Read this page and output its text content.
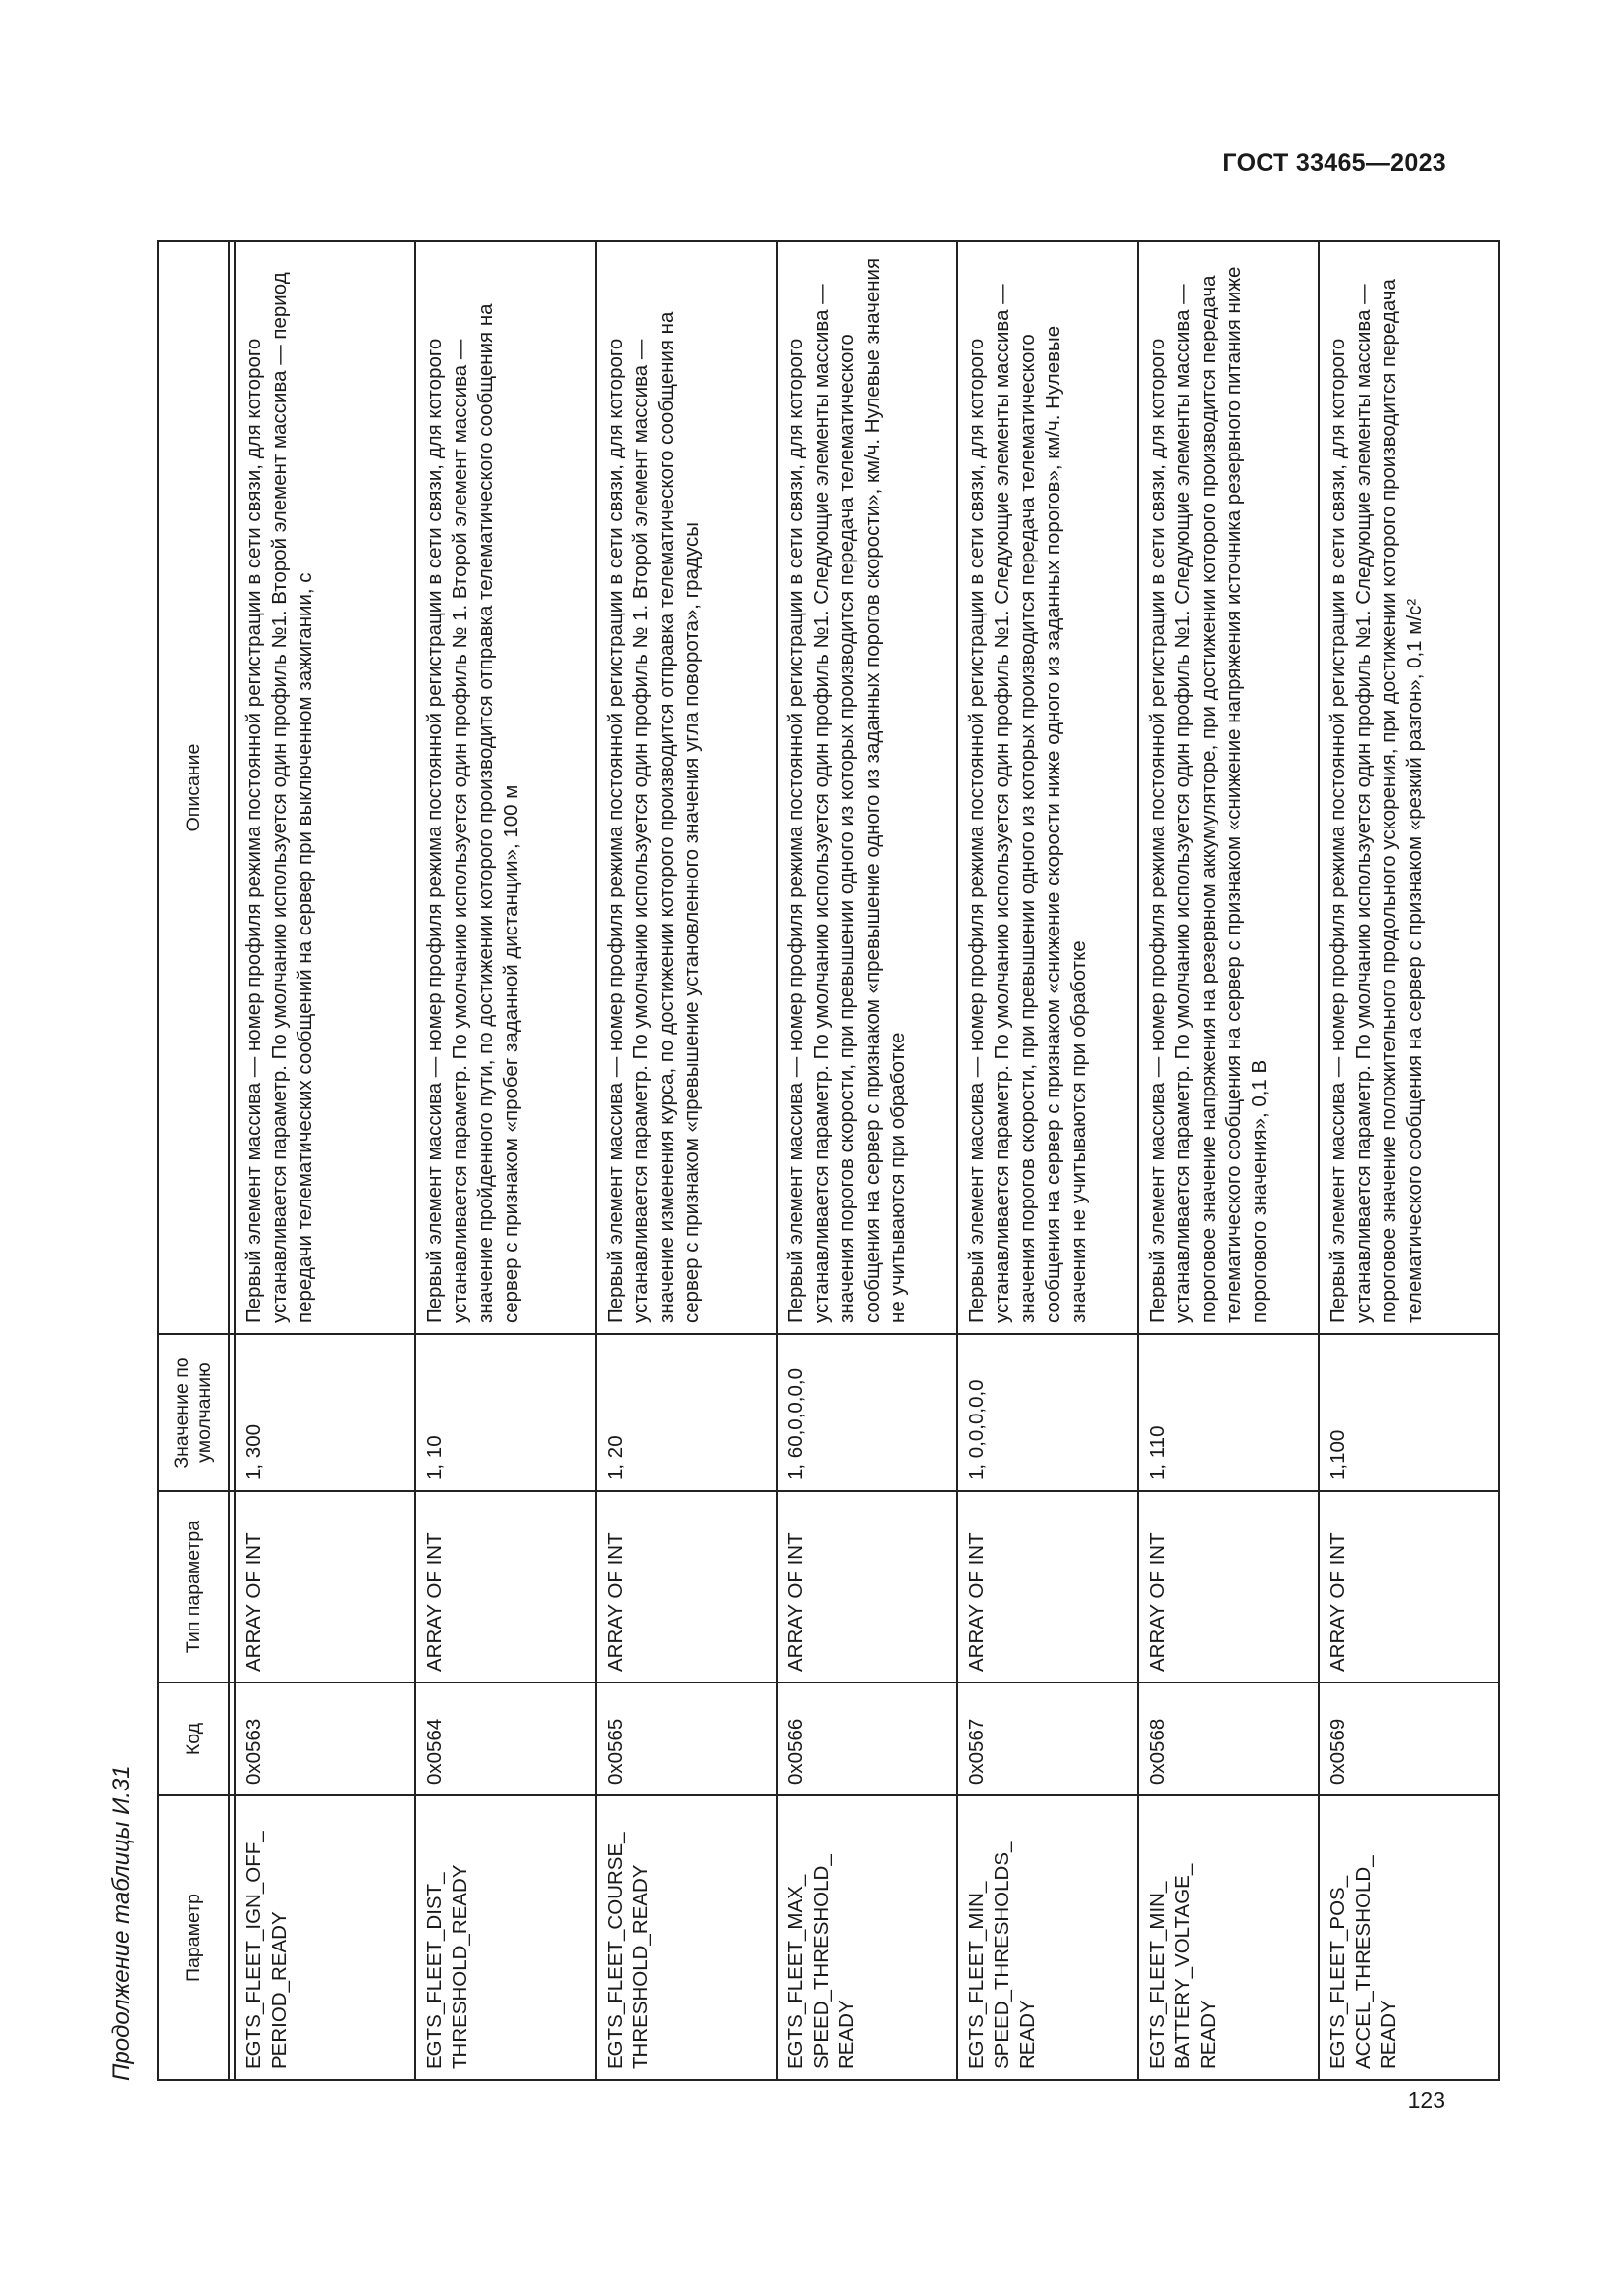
ГОСТ 33465—2023
Продолжение таблицы И.31 Параметр	Код	Тип параметра	Значение по умолчанию	Описание

EGTS_FLEET_IGN_OFF_ PERIOD_READY	0x0563	ARRAY OF INT	1, 300	Первый элемент массива — номер профиля режима постоянной регистрации в сети связи, для которого устанавливается параметр. По умолчанию используется один профиль №1. Второй элемент массива — период передачи телематических сообщений на сервер при выключенном зажигании, с
EGTS_FLEET_DIST_ THRESHOLD_READY	0x0564	ARRAY OF INT	1, 10	Первый элемент массива — номер профиля режима постоянной регистрации в сети связи, для которого устанавливается параметр. По умолчанию используется один профиль № 1. Второй элемент массива — значение пройденного пути, по достижении которого производится отправка телематического сообщения на сервер с признаком «пробег заданной дистанции», 100 м
EGTS_FLEET_COURSE_ THRESHOLD_READY	0x0565	ARRAY OF INT	1, 20	Первый элемент массива — номер профиля режима постоянной регистрации в сети связи, для которого устанавливается параметр. По умолчанию используется один профиль № 1. Второй элемент массива — значение изменения курса, по достижении которого производится отправка телематического сообщения на сервер с признаком «превышение установленного значения угла поворота», градусы
EGTS_FLEET_MAX_ SPEED_THRESHOLD_ READY	0x0566	ARRAY OF INT	1, 60,0,0,0,0	Первый элемент массива — номер профиля режима постоянной регистрации в сети связи, для которого устанавливается параметр. По умолчанию используется один профиль №1. Следующие элементы массива — значения порогов скорости, при превышении одного из которых производится передача телематического сообщения на сервер с признаком «превышение одного из заданных порогов скорости», км/ч. Нулевые значения не учитываются при обработке
EGTS_FLEET_MIN_ SPEED_THRESHOLDS_ READY	0x0567	ARRAY OF INT	1, 0,0,0,0,0	Первый элемент массива — номер профиля режима постоянной регистрации в сети связи, для которого устанавливается параметр. По умолчанию используется один профиль №1. Следующие элементы массива — значения порогов скорости, при превышении одного из которых производится передача телематического сообщения на сервер с признаком «снижение скорости ниже одного из заданных порогов», км/ч. Нулевые значения не учитываются при обработке
EGTS_FLEET_MIN_ BATTERY_VOLTAGE_ READY	0x0568	ARRAY OF INT	1, 110	Первый элемент массива — номер профиля режима постоянной регистрации в сети связи, для которого устанавливается параметр. По умолчанию используется один профиль №1. Следующие элементы массива — пороговое значение напряжения на резервном аккумуляторе, при достижении которого производится передача телематического сообщения на сервер с признаком «снижение напряжения источника резервного питания ниже порогового значения», 0,1 В
EGTS_FLEET_POS_ ACCEL_THRESHOLD_ READY	0x0569	ARRAY OF INT	1,100	Первый элемент массива — номер профиля режима постоянной регистрации в сети связи, для которого устанавливается параметр. По умолчанию используется один профиль №1. Следующие элементы массива — пороговое значение положительного продольного ускорения, при достижении которого производится передача телематического сообщения на сервер с признаком «резкий разгон», 0,1 м/с²
123
